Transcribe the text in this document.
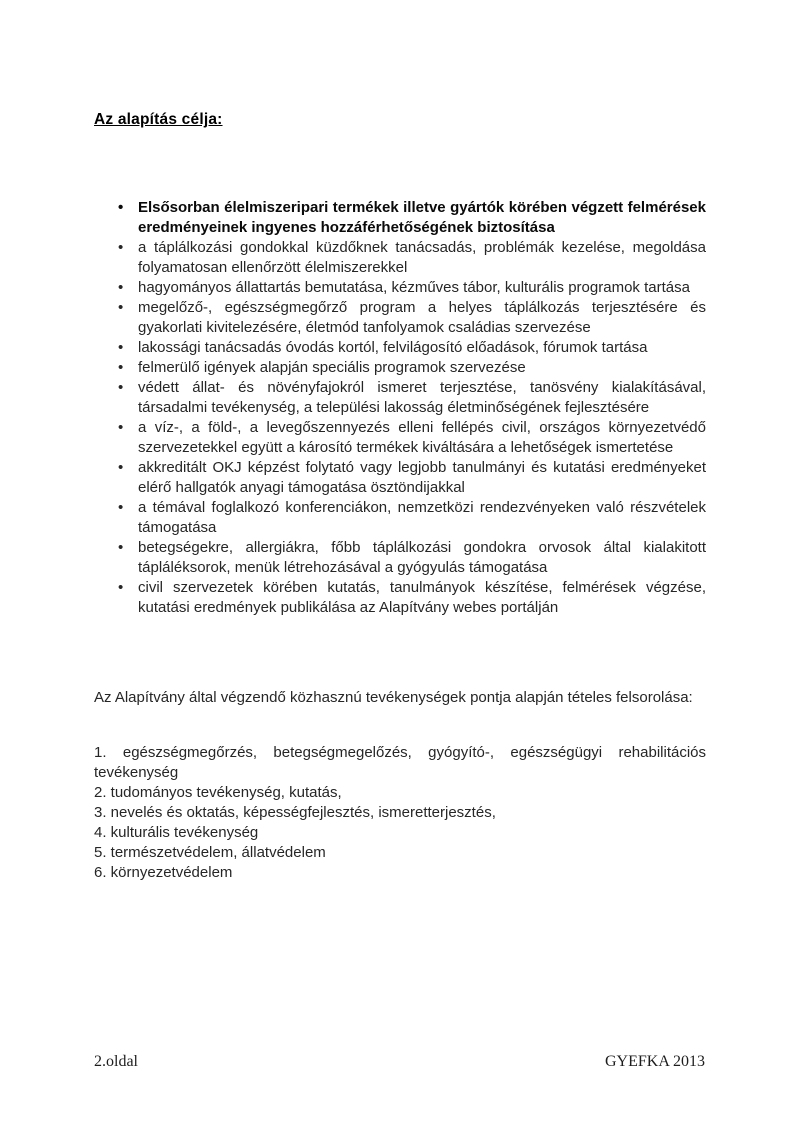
Az alapítás célja:
• Elsősorban élelmiszeripari termékek illetve gyártók körében végzett felmérések eredményeinek ingyenes hozzáférhetőségének biztosítása
• a táplálkozási gondokkal küzdőknek tanácsadás, problémák kezelése, megoldása folyamatosan ellenőrzött élelmiszerekkel
• hagyományos állattartás bemutatása, kézműves tábor, kulturális programok tartása
• megelőző-, egészségmegőrző program a helyes táplálkozás terjesztésére és gyakorlati kivitelezésére, életmód tanfolyamok családias szervezése
• lakossági tanácsadás óvodás kortól, felvilágosító előadások, fórumok tartása
• felmerülő igények alapján speciális programok szervezése
• védett állat- és növényfajokról ismeret terjesztése, tanösvény kialakításával, társadalmi tevékenység, a települési lakosság életminőségének fejlesztésére
• a víz-, a föld-, a levegőszennyezés elleni fellépés civil, országos környezetvédő szervezetekkel együtt a károsító termékek kiváltására a lehetőségek ismertetése
• akkreditált OKJ képzést folytató vagy legjobb tanulmányi és kutatási eredményeket elérő hallgatók anyagi támogatása ösztöndijakkal
• a témával foglalkozó konferenciákon, nemzetközi rendezvényeken való részvételek támogatása
• betegségekre, allergiákra, főbb táplálkozási gondokra orvosok által kialakitott tápláléksorok, menük létrehozásával a gyógyulás támogatása
• civil szervezetek körében kutatás, tanulmányok készítése, felmérések végzése, kutatási eredmények publikálása az Alapítvány webes portálján
Az Alapítvány által végzendő közhasznú tevékenységek pontja alapján tételes felsorolása:
1. egészségmegőrzés, betegségmegelőzés, gyógyító-, egészségügyi rehabilitációs tevékenység
2. tudományos tevékenység, kutatás,
3. nevelés és oktatás, képességfejlesztés, ismeretterjesztés,
4. kulturális tevékenység
5. természetvédelem, állatvédelem
6. környezetvédelem
2.oldal	GYEFKA 2013
